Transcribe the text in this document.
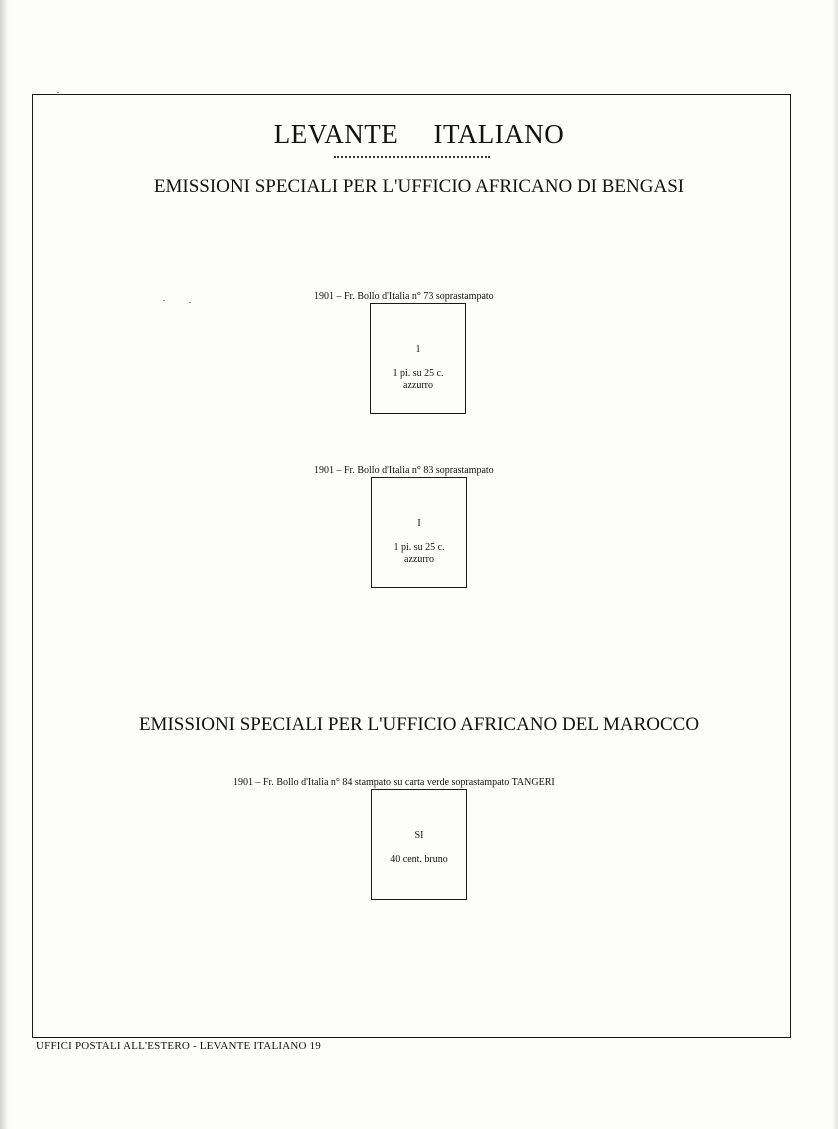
LEVANTE ITALIANO
EMISSIONI SPECIALI PER L'UFFICIO AFRICANO DI BENGASI
1901 – Fr. Bollo d'Italia n° 73 soprastampato
1
1 pi. su 25 c.
azzurro
1901 – Fr. Bollo d'Italia n° 83 soprastampato
I
1 pi. su 25 c.
azzurro
EMISSIONI SPECIALI PER L'UFFICIO AFRICANO DEL MAROCCO
1901 – Fr. Bollo d'Italia n° 84 stampato su carta verde soprastampato TANGERI
SI
40 cent. bruno
UFFICI POSTALI ALL'ESTERO - LEVANTE ITALIANO 19
